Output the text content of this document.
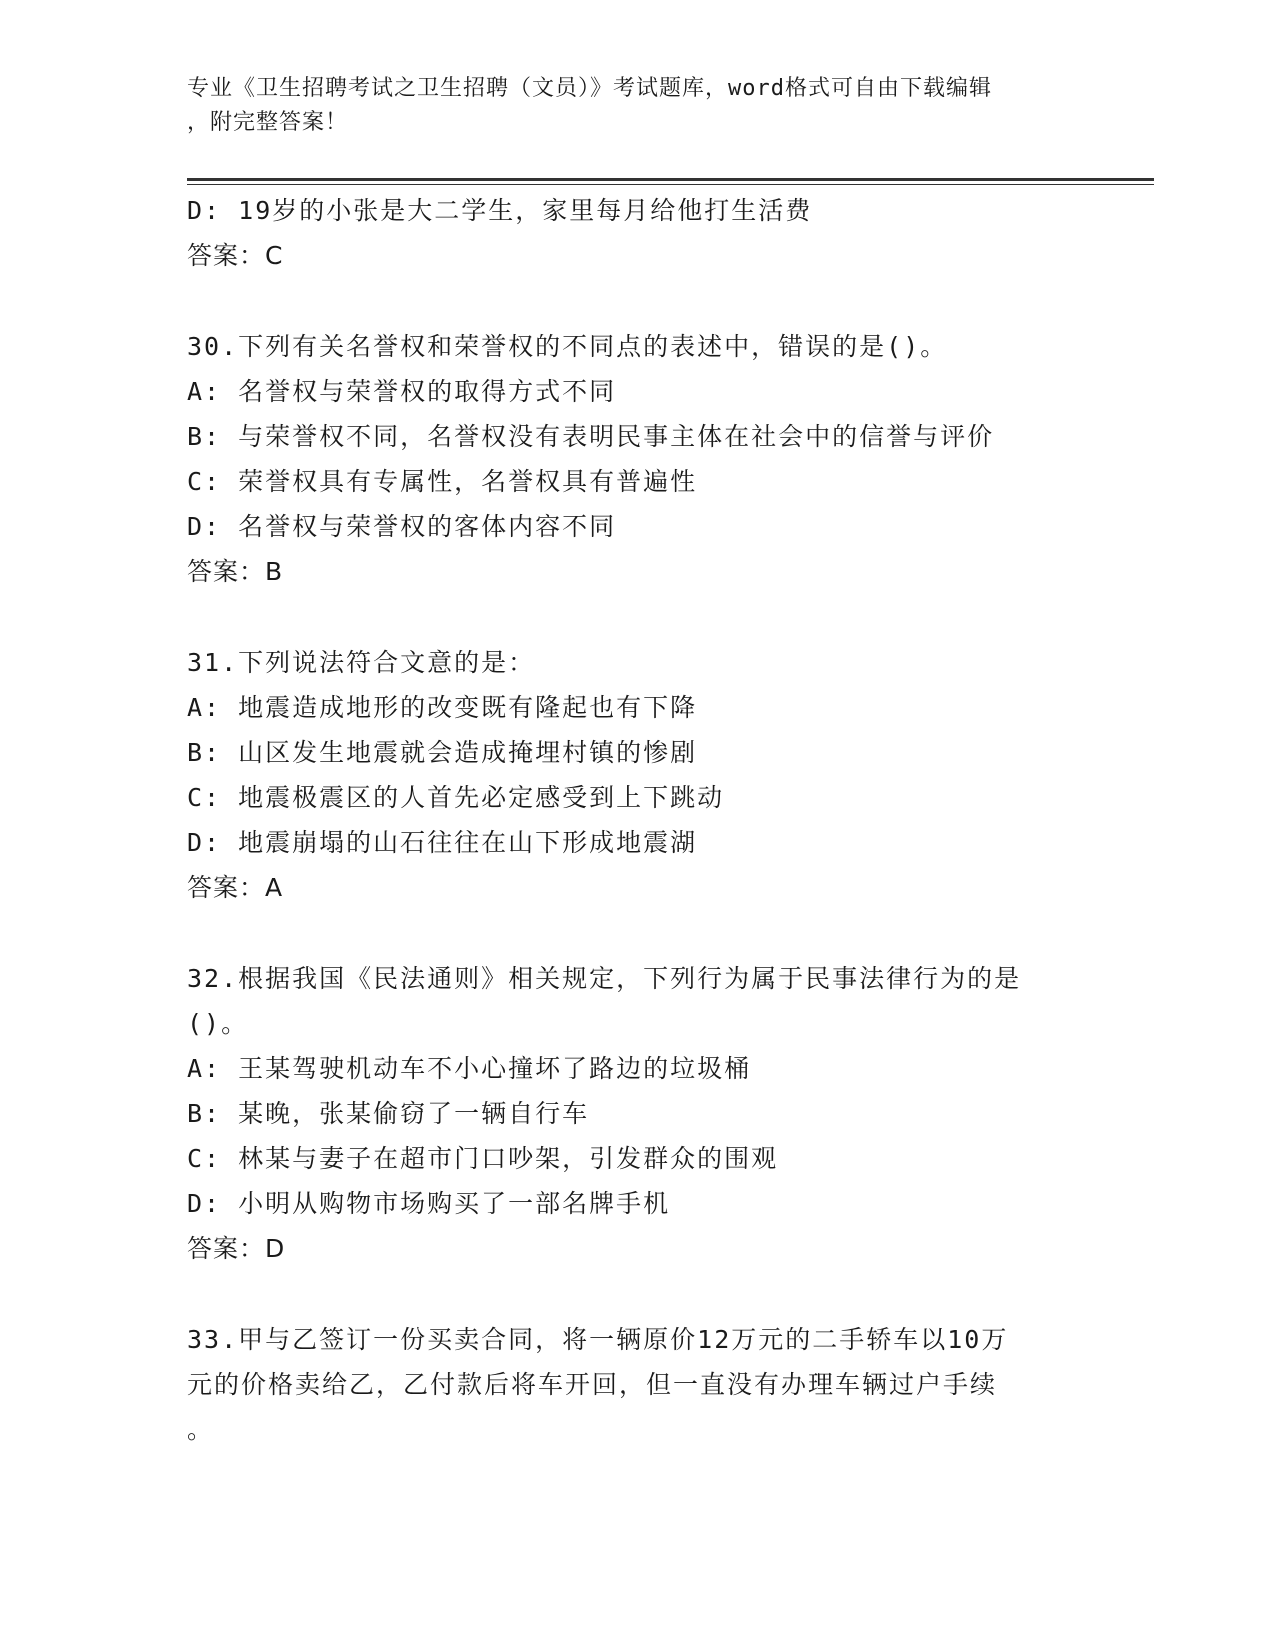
专业《卫生招聘考试之卫生招聘（文员）》考试题库，word格式可自由下载编辑
，附完整答案！
D: 19岁的小张是大二学生，家里每月给他打生活费
答案：C
30.下列有关名誉权和荣誉权的不同点的表述中，错误的是()。
A: 名誉权与荣誉权的取得方式不同
B: 与荣誉权不同，名誉权没有表明民事主体在社会中的信誉与评价
C: 荣誉权具有专属性，名誉权具有普遍性
D: 名誉权与荣誉权的客体内容不同
答案：B
31.下列说法符合文意的是：
A: 地震造成地形的改变既有隆起也有下降
B: 山区发生地震就会造成掩埋村镇的惨剧
C: 地震极震区的人首先必定感受到上下跳动
D: 地震崩塌的山石往往在山下形成地震湖
答案：A
32.根据我国《民法通则》相关规定，下列行为属于民事法律行为的是
()。
A: 王某驾驶机动车不小心撞坏了路边的垃圾桶
B: 某晚，张某偷窃了一辆自行车
C: 林某与妻子在超市门口吵架，引发群众的围观
D: 小明从购物市场购买了一部名牌手机
答案：D
33.甲与乙签订一份买卖合同，将一辆原价12万元的二手轿车以10万
元的价格卖给乙，乙付款后将车开回，但一直没有办理车辆过户手续
。
